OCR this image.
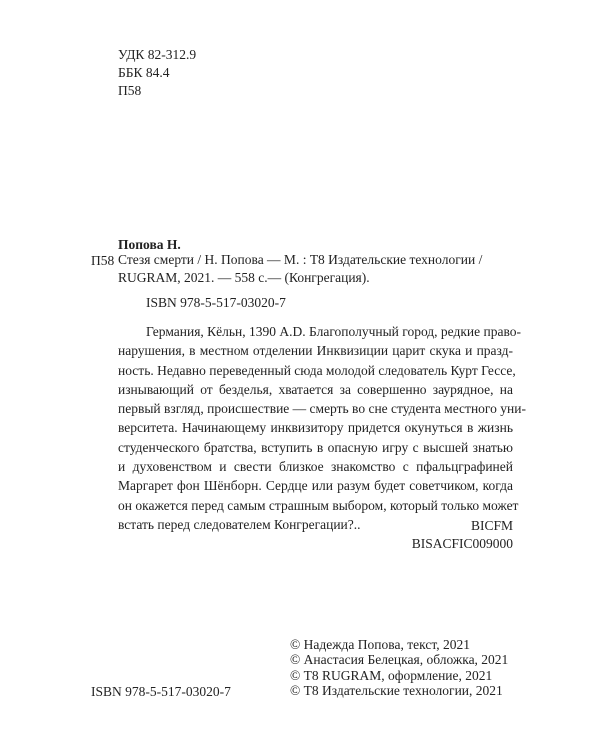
УДК 82-312.9
ББК 84.4
П58
Попова Н.
П58 Стезя смерти / Н. Попова — М. : Т8 Издательские технологии /
RUGRAM, 2021. — 558 с.— (Конгрегация).
ISBN 978-5-517-03020-7
Германия, Кёльн, 1390 A.D. Благополучный город, редкие право-
нарушения, в местном отделении Инквизиции царит скука и празд-
ность. Недавно переведенный сюда молодой следователь Курт Гессе,
изнывающий от безделья, хватается за совершенно заурядное, на
первый взгляд, происшествие — смерть во сне студента местного уни-
верситета. Начинающему инквизитору придется окунуться в жизнь
студенческого братства, вступить в опасную игру с высшей знатью
и духовенством и свести близкое знакомство с пфальцграфиней
Маргарет фон Шёнборн. Сердце или разум будет советчиком, когда
он окажется перед самым страшным выбором, который только может
встать перед следователем Конгрегации?..	BICFM
BISACFIC009000
© Надежда Попова, текст, 2021
© Анастасия Белецкая, обложка, 2021
© Т8 RUGRAM, оформление, 2021
© Т8 Издательские технологии, 2021
ISBN 978-5-517-03020-7
